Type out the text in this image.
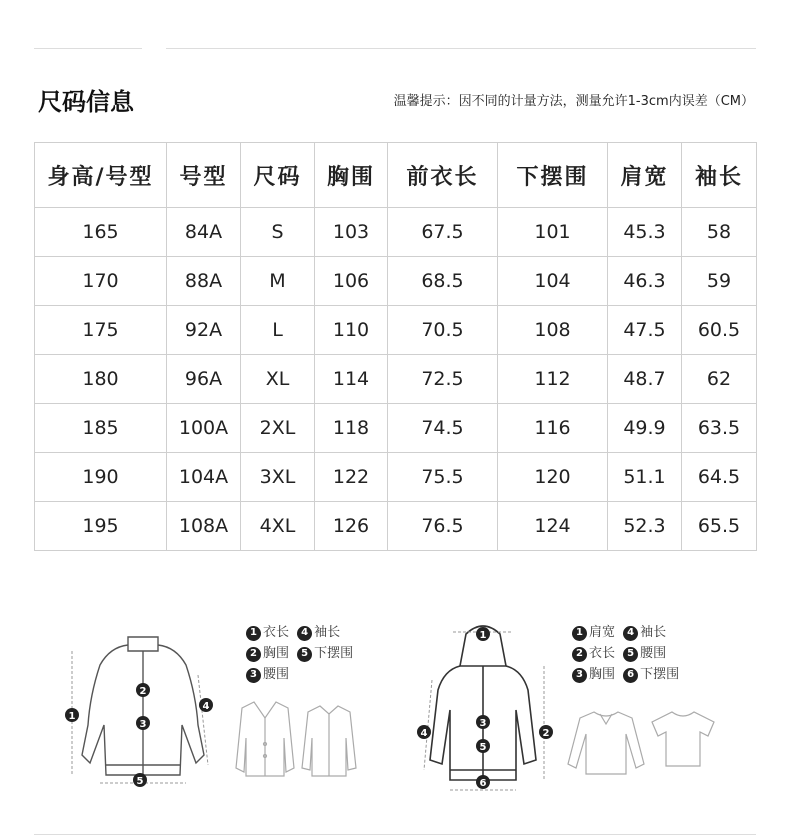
尺码信息	温馨提示：因不同的计量方法，测量允许1-3cm内误差（CM）
身高/号型	号型	尺码	胸围	前衣长	下摆围	肩宽	袖长
165	84A	S	103	67.5	101	45.3	58
170	88A	M	106	68.5	104	46.3	59
175	92A	L	110	70.5	108	47.5	60.5
180	96A	XL	114	72.5	112	48.7	62
185	100A	2XL	118	74.5	116	49.9	63.5
190	104A	3XL	122	75.5	120	51.1	64.5
195	108A	4XL	126	76.5	124	52.3	65.5
1
2
3
4
5
1 衣长
	4 袖长

2 胸围
	5 下摆围

3 腰围
1
2
3
4
5
6
1 肩宽
	4 袖长

2 衣长
	5 腰围

3 胸围
	6 下摆围
